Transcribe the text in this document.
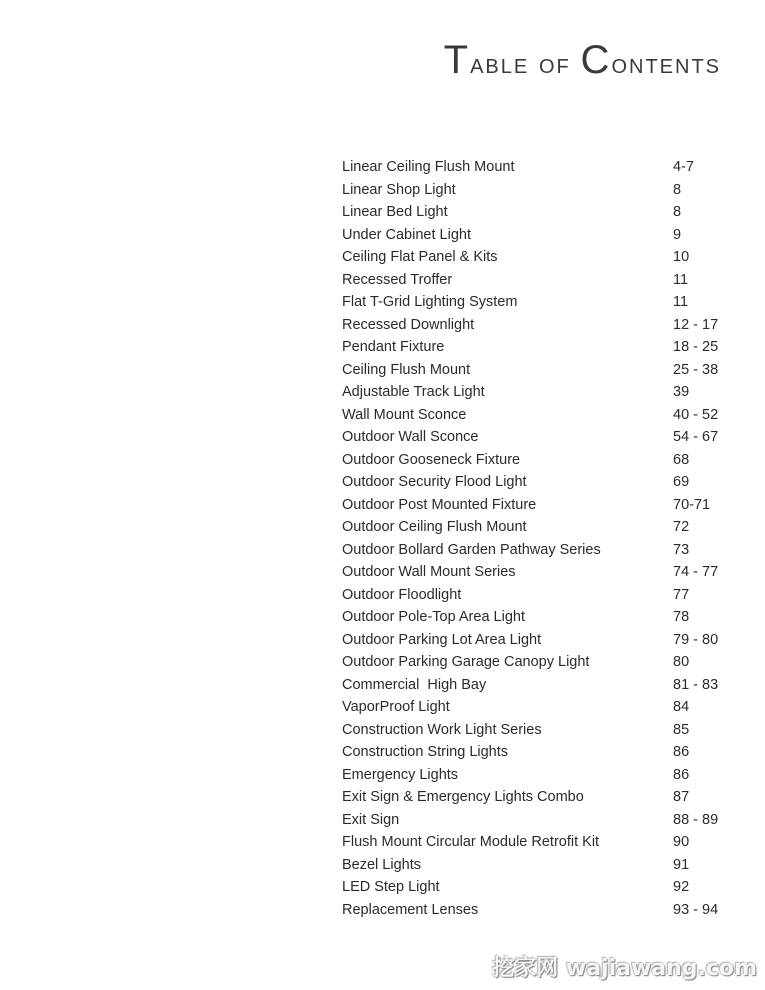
Table of Contents
Linear Ceiling Flush Mount	4-7
Linear Shop Light	8
Linear Bed Light	8
Under Cabinet Light	9
Ceiling Flat Panel & Kits	10
Recessed Troffer	11
Flat T-Grid Lighting System	11
Recessed Downlight	12 - 17
Pendant Fixture	18 - 25
Ceiling Flush Mount	25 - 38
Adjustable Track Light	39
Wall Mount Sconce	40 - 52
Outdoor Wall Sconce	54 - 67
Outdoor Gooseneck Fixture	68
Outdoor Security Flood Light	69
Outdoor Post Mounted Fixture	70-71
Outdoor Ceiling Flush Mount	72
Outdoor Bollard Garden Pathway Series	73
Outdoor Wall Mount Series	74 - 77
Outdoor Floodlight	77
Outdoor Pole-Top Area Light	78
Outdoor Parking Lot Area Light	79 - 80
Outdoor Parking Garage Canopy Light	80
Commercial  High Bay	81 - 83
VaporProof Light	84
Construction Work Light Series	85
Construction String Lights	86
Emergency Lights	86
Exit Sign & Emergency Lights Combo	87
Exit Sign	88 - 89
Flush Mount Circular Module Retrofit Kit	90
Bezel Lights	91
LED Step Light	92
Replacement Lenses	93 - 94
挖家网 wajiawang.com
